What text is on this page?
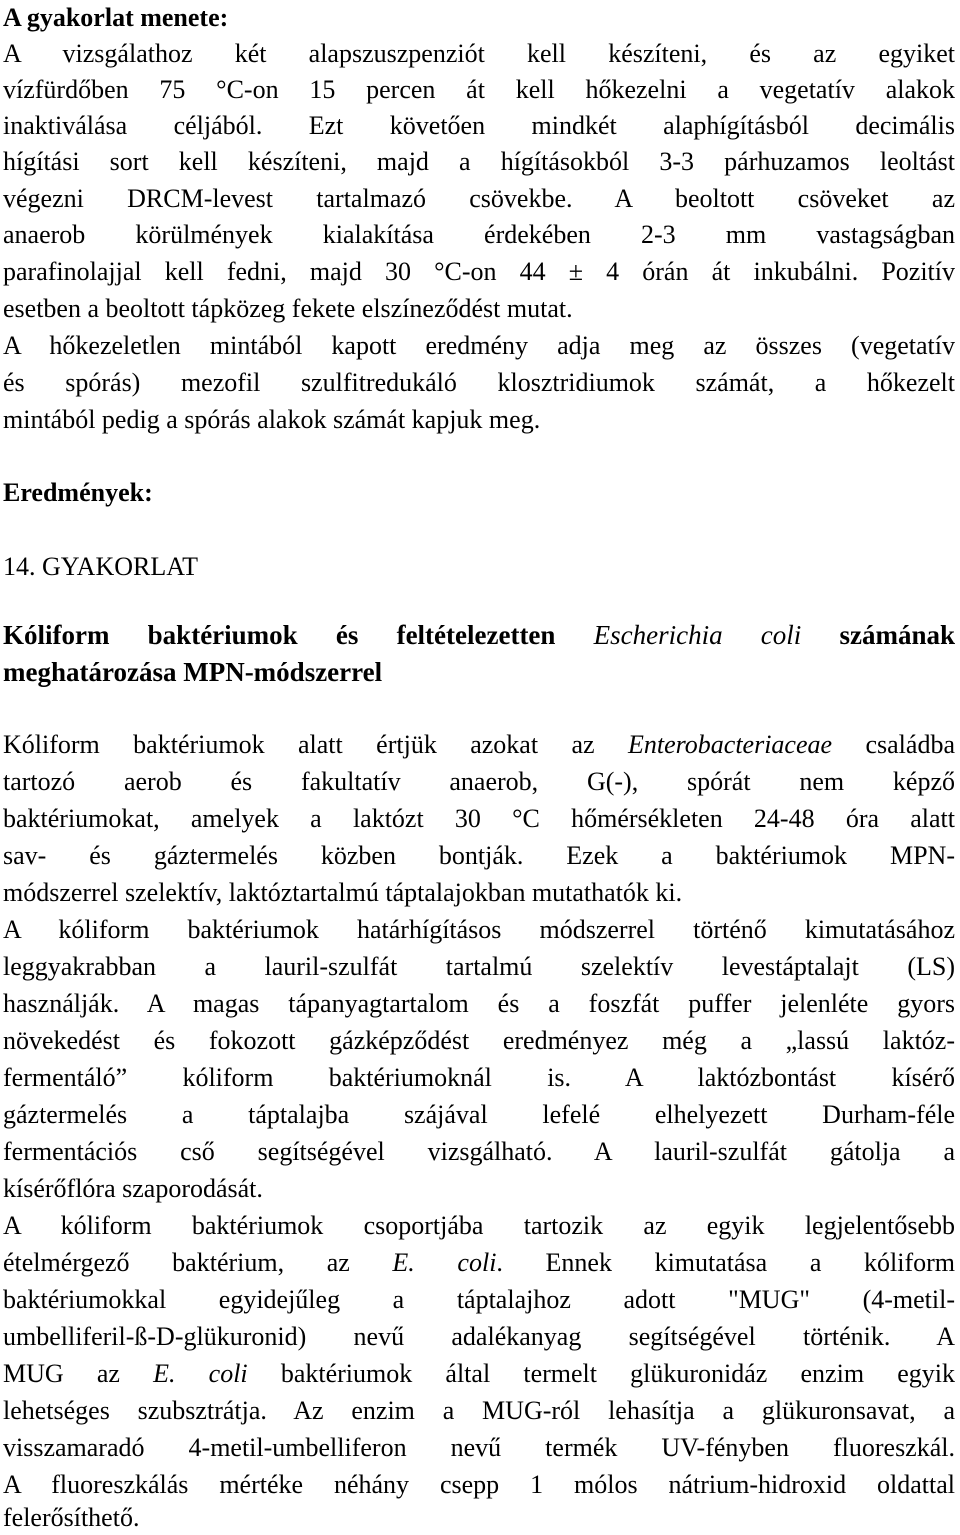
A gyakorlat menete:
A vizsgálathoz két alapszuszpenziót kell készíteni, és az egyiket
vízfürdőben 75 °C-on 15 percen át kell hőkezelni a vegetatív alakok
inaktiválása céljából. Ezt követően mindkét alaphígításból decimális
hígítási sort kell készíteni, majd a hígításokból 3-3 párhuzamos leoltást
végezni DRCM-levest tartalmazó csövekbe. A beoltott csöveket az
anaerob körülmények kialakítása érdekében 2-3 mm vastagságban
parafinolajjal kell fedni, majd 30 °C-on 44 ± 4 órán át inkubálni. Pozitív
esetben a beoltott tápközeg fekete elszíneződést mutat.
A hőkezeletlen mintából kapott eredmény adja meg az összes (vegetatív
és spórás) mezofil szulfitredukáló klosztridiumok számát, a hőkezelt
mintából pedig a spórás alakok számát kapjuk meg.
Eredmények:
14. GYAKORLAT
Kóliform baktériumok és feltételezetten Escherichia coli számának
meghatározása MPN-módszerrel
Kóliform baktériumok alatt értjük azokat az Enterobacteriaceae családba
tartozó aerob és fakultatív anaerob, G(-), spórát nem képző
baktériumokat, amelyek a laktózt 30 °C hőmérsékleten 24-48 óra alatt
sav- és gáztermelés közben bontják. Ezek a baktériumok MPN-
módszerrel szelektív, laktóztartalmú táptalajokban mutathatók ki.
A kóliform baktériumok határhígításos módszerrel történő kimutatásához
leggyakrabban a lauril-szulfát tartalmú szelektív levestáptalajt (LS)
használják. A magas tápanyagtartalom és a foszfát puffer jelenléte gyors
növekedést és fokozott gázképződést eredményez még a „lassú laktóz-
fermentáló” kóliform baktériumoknál is. A laktózbontást kísérő
gáztermelés a táptalajba szájával lefelé elhelyezett Durham-féle
fermentációs cső segítségével vizsgálható. A lauril-szulfát gátolja a
kísérőflóra szaporodását.
A kóliform baktériumok csoportjába tartozik az egyik legjelentősebb
ételmérgező baktérium, az E. coli. Ennek kimutatása a kóliform
baktériumokkal egyidejűleg a táptalajhoz adott "MUG" (4-metil-
umbelliferil-ß-D-glükuronid) nevű adalékanyag segítségével történik. A
MUG az E. coli baktériumok által termelt glükuronidáz enzim egyik
lehetséges szubsztrátja. Az enzim a MUG-ról lehasítja a glükuronsavat, a
visszamaradó 4-metil-umbelliferon nevű termék UV-fényben fluoreszkál.
A fluoreszkálás mértéke néhány csepp 1 mólos nátrium-hidroxid oldattal
felerősíthető.
